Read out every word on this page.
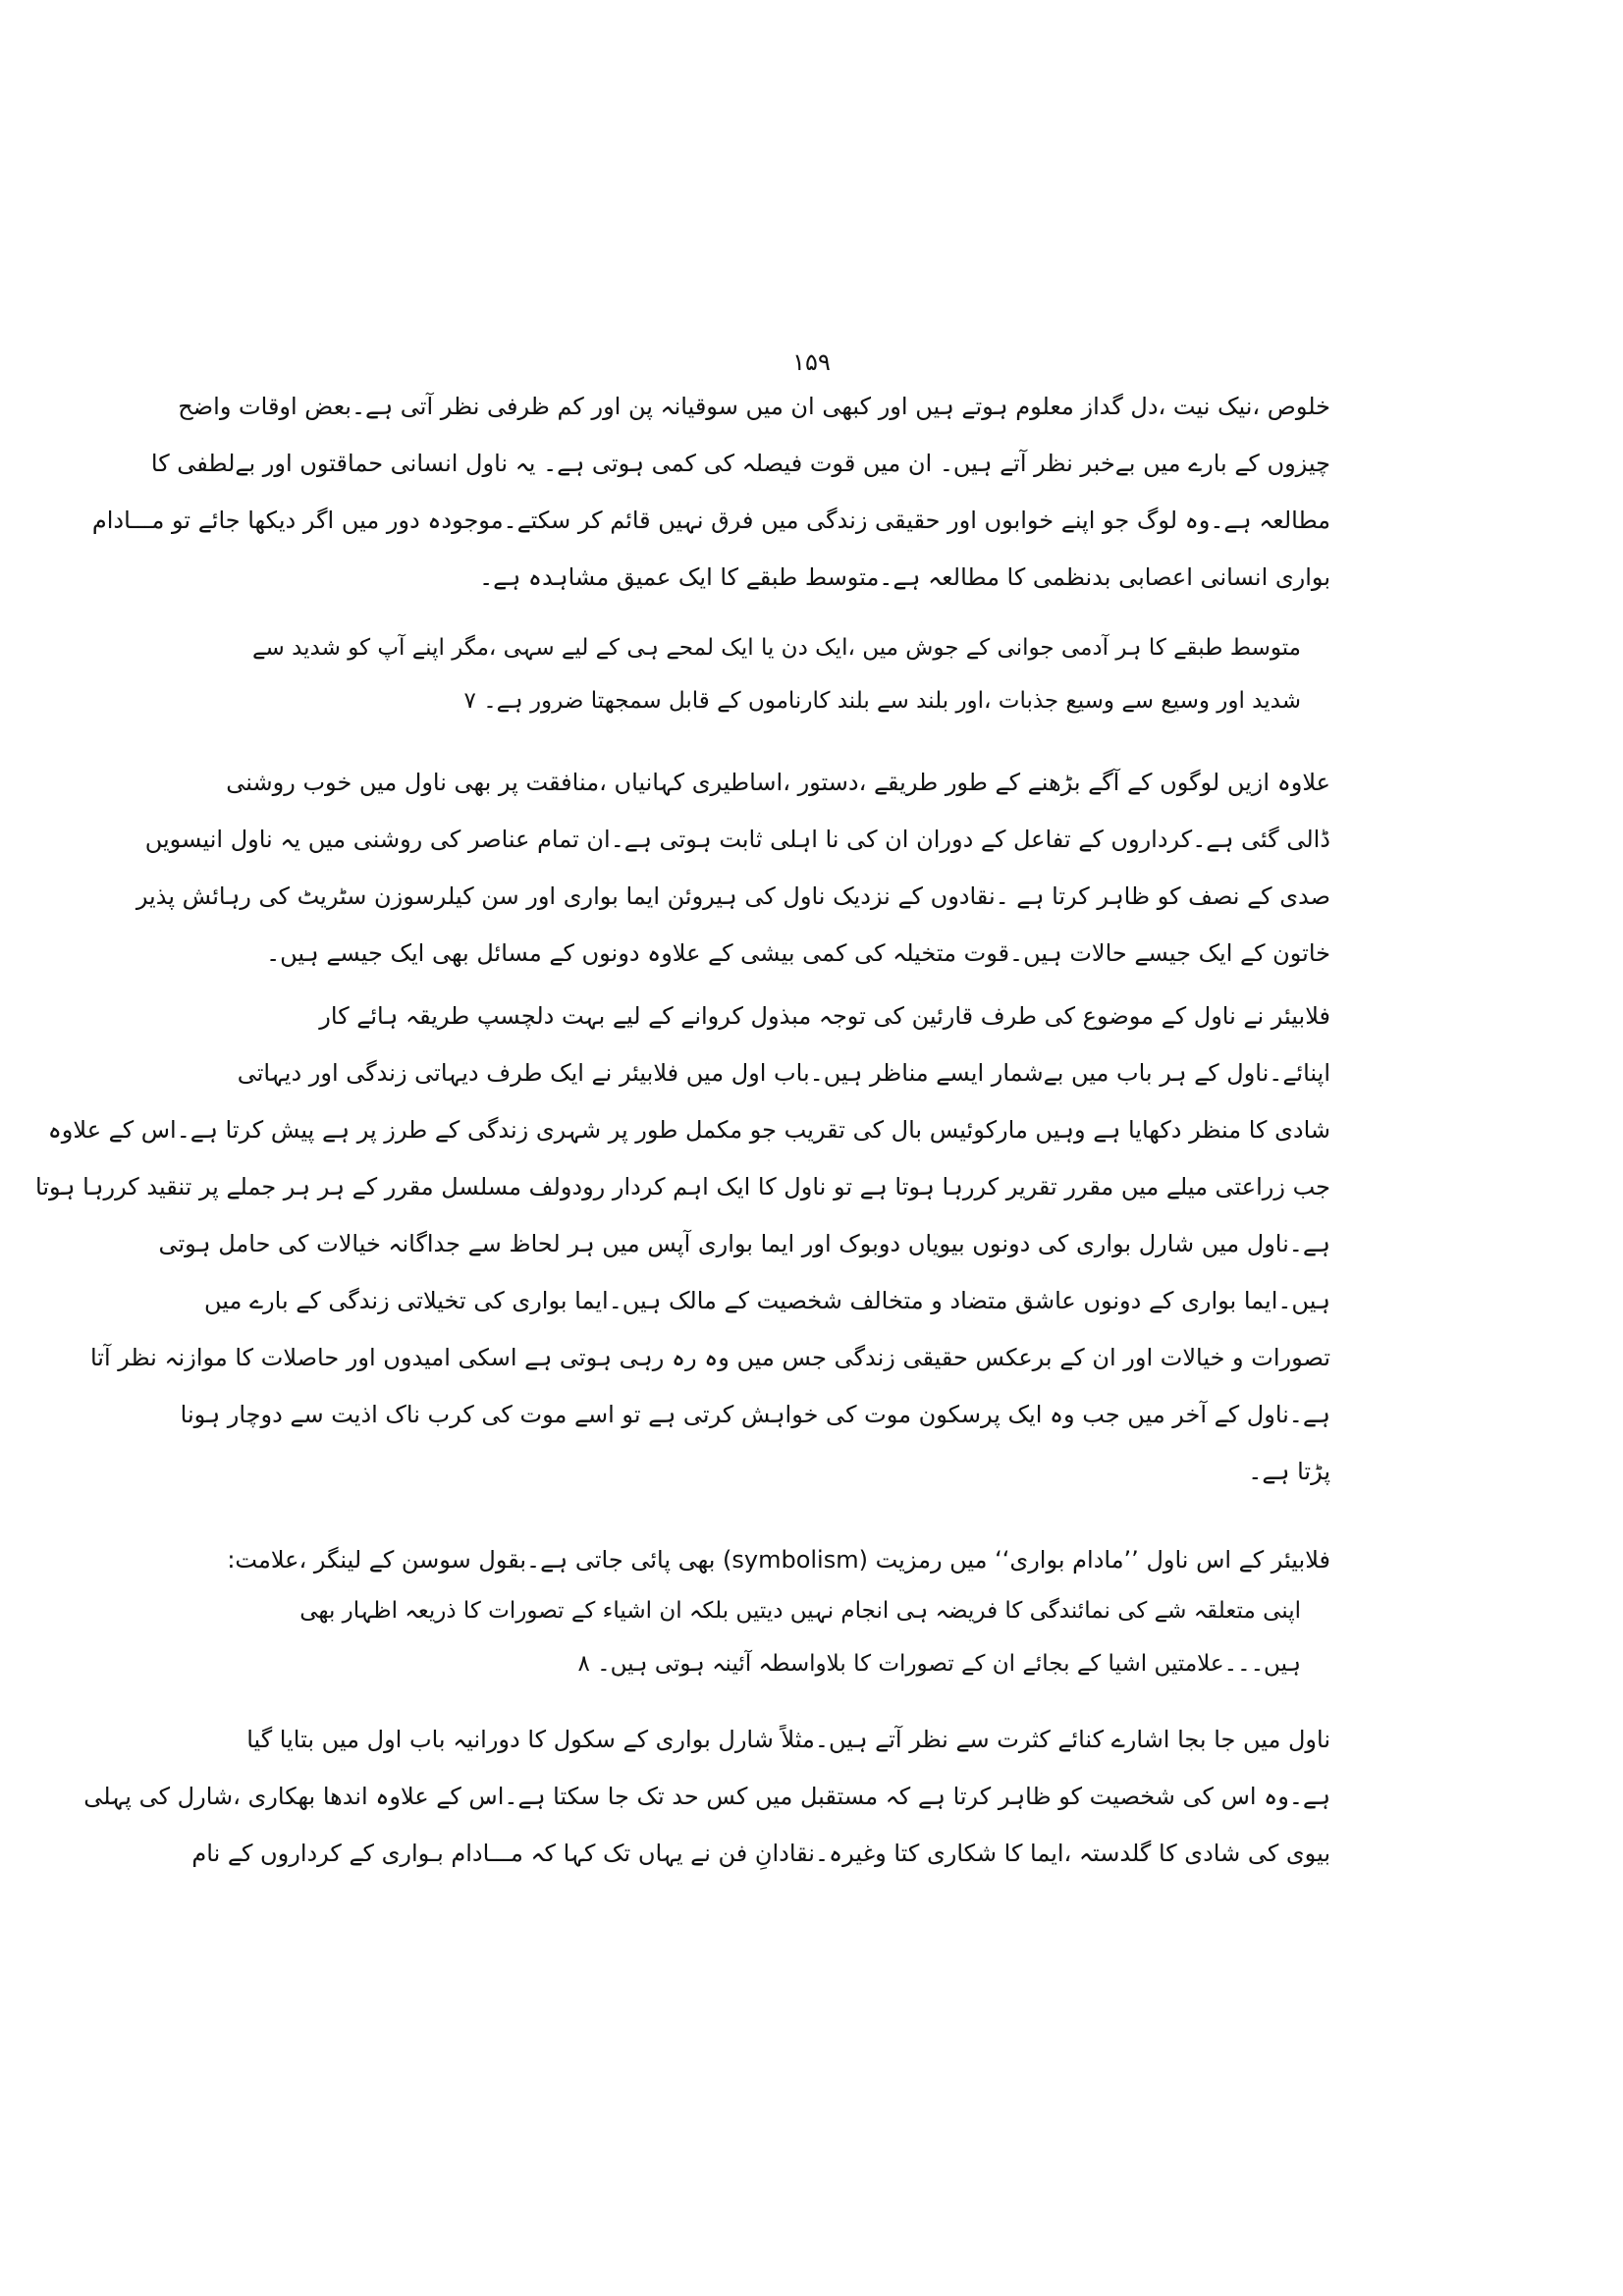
۱۵۹
خلوص ،نیک نیت ،دل گداز معلوم ہوتے ہیں اور کبھی ان میں سوقیانہ پن اور کم ظرفی نظر آتی ہے۔بعض اوقات واضح
چیزوں کے بارے میں بےخبر نظر آتے ہیں۔ ان میں قوت فیصلہ کی کمی ہوتی ہے۔ یہ ناول انسانی حماقتوں اور بےلطفی کا
مطالعہ ہے۔وہ لوگ جو اپنے خوابوں اور حقیقی زندگی میں فرق نہیں قائم کر سکتے۔موجودہ دور میں اگر دیکھا جائے تو مـــادام
بواری انسانی اعصابی بدنظمی کا مطالعہ ہے۔متوسط طبقے کا ایک عمیق مشاہدہ ہے۔
متوسط طبقے کا ہر آدمی جوانی کے جوش میں ،ایک دن یا ایک لمحے ہی کے لیے سہی ،مگر اپنے آپ کو شدید سے
شدید اور وسیع سے وسیع جذبات ،اور بلند سے بلند کارناموں کے قابل سمجھتا ضرور ہے۔ ۷
علاوہ ازیں لوگوں کے آگے بڑھنے کے طور طریقے ،دستور ،اساطیری کہانیاں ،منافقت پر بھی ناول میں خوب روشنی
ڈالی گئی ہے۔کرداروں کے تفاعل کے دوران ان کی نا اہلی ثابت ہوتی ہے۔ان تمام عناصر کی روشنی میں یہ ناول انیسویں
صدی کے نصف کو ظاہر کرتا ہے ۔نقادوں کے نزدیک ناول کی ہیروئن ایما بواری اور سن کیلرسوزن سٹریٹ کی رہائش پذیر
خاتون کے ایک جیسے حالات ہیں۔قوت متخیلہ کی کمی بیشی کے علاوہ دونوں کے مسائل بھی ایک جیسے ہیں۔
فلابیئر نے ناول کے موضوع کی طرف قارئین کی توجہ مبذول کروانے کے لیے بہت دلچسپ طریقہ ہائے کار
اپنائے۔ناول کے ہر باب میں بےشمار ایسے مناظر ہیں۔باب اول میں فلابیئر نے ایک طرف دیہاتی زندگی اور دیہاتی
شادی کا منظر دکھایا ہے وہیں مارکوئیس بال کی تقریب جو مکمل طور پر شہری زندگی کے طرز پر ہے پیش کرتا ہے۔اس کے علاوہ
جب زراعتی میلے میں مقرر تقریر کررہا ہوتا ہے تو ناول کا ایک اہم کردار رودولف مسلسل مقرر کے ہر ہر جملے پر تنقید کررہا ہوتا
ہے۔ناول میں شارل بواری کی دونوں بیویاں دوبوک اور ایما بواری آپس میں ہر لحاظ سے جداگانہ خیالات کی حامل ہوتی
ہیں۔ایما بواری کے دونوں عاشق متضاد و متخالف شخصیت کے مالک ہیں۔ایما بواری کی تخیلاتی زندگی کے بارے میں
تصورات و خیالات اور ان کے برعکس حقیقی زندگی جس میں وہ رہ رہی ہوتی ہے اسکی امیدوں اور حاصلات کا موازنہ نظر آتا
ہے۔ناول کے آخر میں جب وہ ایک پرسکون موت کی خواہش کرتی ہے تو اسے موت کی کرب ناک اذیت سے دوچار ہونا
پڑتا ہے۔
فلابیئر کے اس ناول ’’مادام بواری‘‘ میں رمزیت (symbolism) بھی پائی جاتی ہے۔بقول سوسن کے لینگر ،علامت:
اپنی متعلقہ شے کی نمائندگی کا فریضہ ہی انجام نہیں دیتیں بلکہ ان اشیاء کے تصورات کا ذریعہ اظہار بھی
ہیں۔۔۔علامتیں اشیا کے بجائے ان کے تصورات کا بلاواسطہ آئینہ ہوتی ہیں۔ ۸
ناول میں جا بجا اشارے کنائے کثرت سے نظر آتے ہیں۔مثلاً شارل بواری کے سکول کا دورانیہ باب اول میں بتایا گیا
ہے۔وہ اس کی شخصیت کو ظاہر کرتا ہے کہ مستقبل میں کس حد تک جا سکتا ہے۔اس کے علاوہ اندھا بھکاری ،شارل کی پہلی
بیوی کی شادی کا گلدستہ ،ایما کا شکاری کتا وغیرہ۔نقادانِ فن نے یہاں تک کہا کہ مـــادام بـواری کے کرداروں کے نام
